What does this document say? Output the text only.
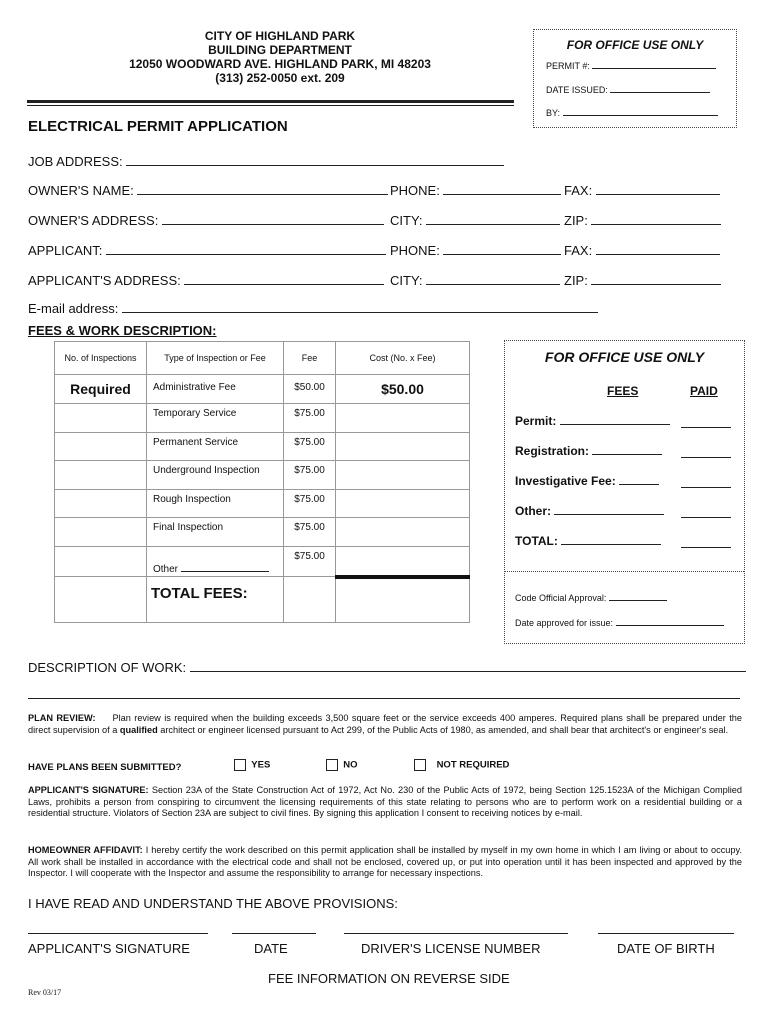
CITY OF HIGHLAND PARK
BUILDING DEPARTMENT
12050 WOODWARD AVE. HIGHLAND PARK, MI 48203
(313) 252-0050 ext. 209
FOR OFFICE USE ONLY
PERMIT #:
DATE ISSUED:
BY:
ELECTRICAL PERMIT APPLICATION
JOB ADDRESS:
OWNER'S NAME:	PHONE:	FAX:
OWNER'S ADDRESS:	CITY:	ZIP:
APPLICANT:	PHONE:	FAX:
APPLICANT'S ADDRESS:	CITY:	ZIP:
E-mail address:
FEES & WORK DESCRIPTION:
No. of Inspections	Type of Inspection or Fee	Fee	Cost (No. x Fee)
Required	Administrative Fee	$50.00	$50.00
	Temporary Service	$75.00	
	Permanent Service	$75.00	
	Underground Inspection	$75.00	
	Rough Inspection	$75.00	
	Final Inspection	$75.00	
	Other	$75.00	
	TOTAL FEES:		
FOR OFFICE USE ONLY
FEES	PAID
Permit:
Registration:
Investigative Fee:
Other:
TOTAL:
Code Official Approval:
Date approved for issue:
DESCRIPTION OF WORK:
PLAN REVIEW: Plan review is required when the building exceeds 3,500 square feet or the service exceeds 400 amperes. Required plans shall be prepared under the direct supervision of a qualified architect or engineer licensed pursuant to Act 299, of the Public Acts of 1980, as amended, and shall bear that architect's or engineer's seal.
HAVE PLANS BEEN SUBMITTED?	YES	NO	NOT REQUIRED
APPLICANT'S SIGNATURE: Section 23A of the State Construction Act of 1972, Act No. 230 of the Public Acts of 1972, being Section 125.1523A of the Michigan Complied Laws, prohibits a person from conspiring to circumvent the licensing requirements of this state relating to persons who are to perform work on a residential building or a residential structure. Violators of Section 23A are subject to civil fines. By signing this application I consent to receiving notices by e-mail.
HOMEOWNER AFFIDAVIT: I hereby certify the work described on this permit application shall be installed by myself in my own home in which I am living or about to occupy. All work shall be installed in accordance with the electrical code and shall not be enclosed, covered up, or put into operation until it has been inspected and approved by the Inspector. I will cooperate with the Inspector and assume the responsibility to arrange for necessary inspections.
I HAVE READ AND UNDERSTAND THE ABOVE PROVISIONS:
APPLICANT'S SIGNATURE	DATE	DRIVER'S LICENSE NUMBER	DATE OF BIRTH
FEE INFORMATION ON REVERSE SIDE
Rev 03/17
